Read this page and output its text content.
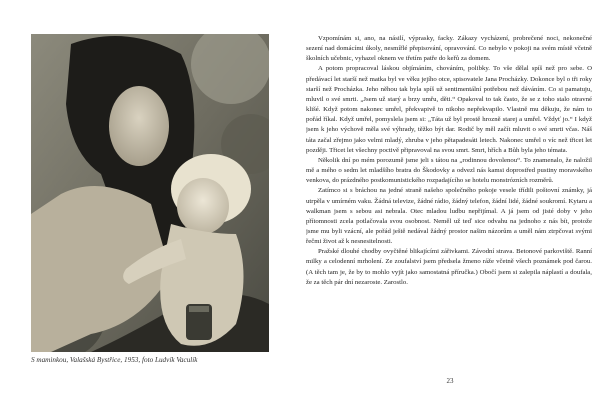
S maminkou, Valašská Bystřice, 1953, foto Ludvík Vaculík

Vzpomínám si, ano, na násilí, výprasky, facky. Zákazy vycházení, probrečené noci, nekonečné sezení nad domácími úkoly, nesmířlé přepisování, opravování. Co nebylo v pokoji na svém místě včetně školních učebnic, vyhazel oknem ve třetím patře do keřů za domem.

A potom propracoval láskou objímáním, chováním, polibky. To vše dělal spíš než pro sebe. O předávací let starší než matka byl ve věku jejího otce, spisovatele Jana Procházky. Dokonce byl o tři roky starší než Procházka. Jeho něhou tak byla spíš už sentimentální potřebou než dáváním. Co si pamatuju, mluvil o své smrti. „Jsem už starý a brzy umřu, děti.“ Opakoval to tak často, že se z toho stalo otravné klišé. Když potom nakonec umřel, překvapivě to nikoho nepřekvapilo. Vlastně mu děkuju, že nám to pořád říkal. Když umřel, pomyslela jsem si: „Táta už byl prostě hrozně starej a umřel. Vždyť jo.“ I když jsem k jeho výchově měla své výhrady, těžko být dar. Rodič by měl začít mluvit o své smrti včas. Náš táta začal zřejmo jako velmi mladý, zhruba v jeho pětapadesáti letech. Nakonec umřel o víc než třicet let později. Třicet let všechny poctivě připravoval na svou smrt. Smrt, hřích a Bůh byla jeho témata.

Několik dní po mém porozumě jsme jeli s tátou na „rodinnou dovolenou“. To znamenalo, že naložil mě a mého o sedm let mladšího bratra do Škodovky a odvezl nás kamsi doprostřed pustiny moravského venkova, do prázdného postkomunistického rozpadajícího se hotelu monstrózních rozměrů.

Zatímco si s bráchou na jedné straně našeho společného pokoje vesele třídili poštovní známky, já utrpěla v umírném vaku. Žádná televize, žádné rádio, žádný telefon, žádní lidé, žádné soukromí. Kytaru a walkman jsem s sebou asi nebrala. Otec mladou ludbu nepřijímal. A já jsem od jisté doby v jeho přítomnosti zcela potlačovala svou osobnost. Neměl už teď sice odvahu na jednoho z nás bít, protože jsme mu byli vzácní, ale pořád ještě nedával žádný prostor našim názorům a uměl nám ztrpčovat svými řečmi život až k nesnesitelnosti.

Pražské dlouhé chodby ovyčtěné blikajícími zářivkami. Závodní strava. Betonové parkoviště. Ranní milky a celodenní mrholení. Ze zoufalství jsem předsela žmeno ráže včetně všech poznámek pod čarou. (A těch tam je, že by to mohlo vyjít jako samostatná příručka.) Obočí jsem si zalepila náplastí a doufala, že za těch pár dní nezaroste. Zarostlo.

23
